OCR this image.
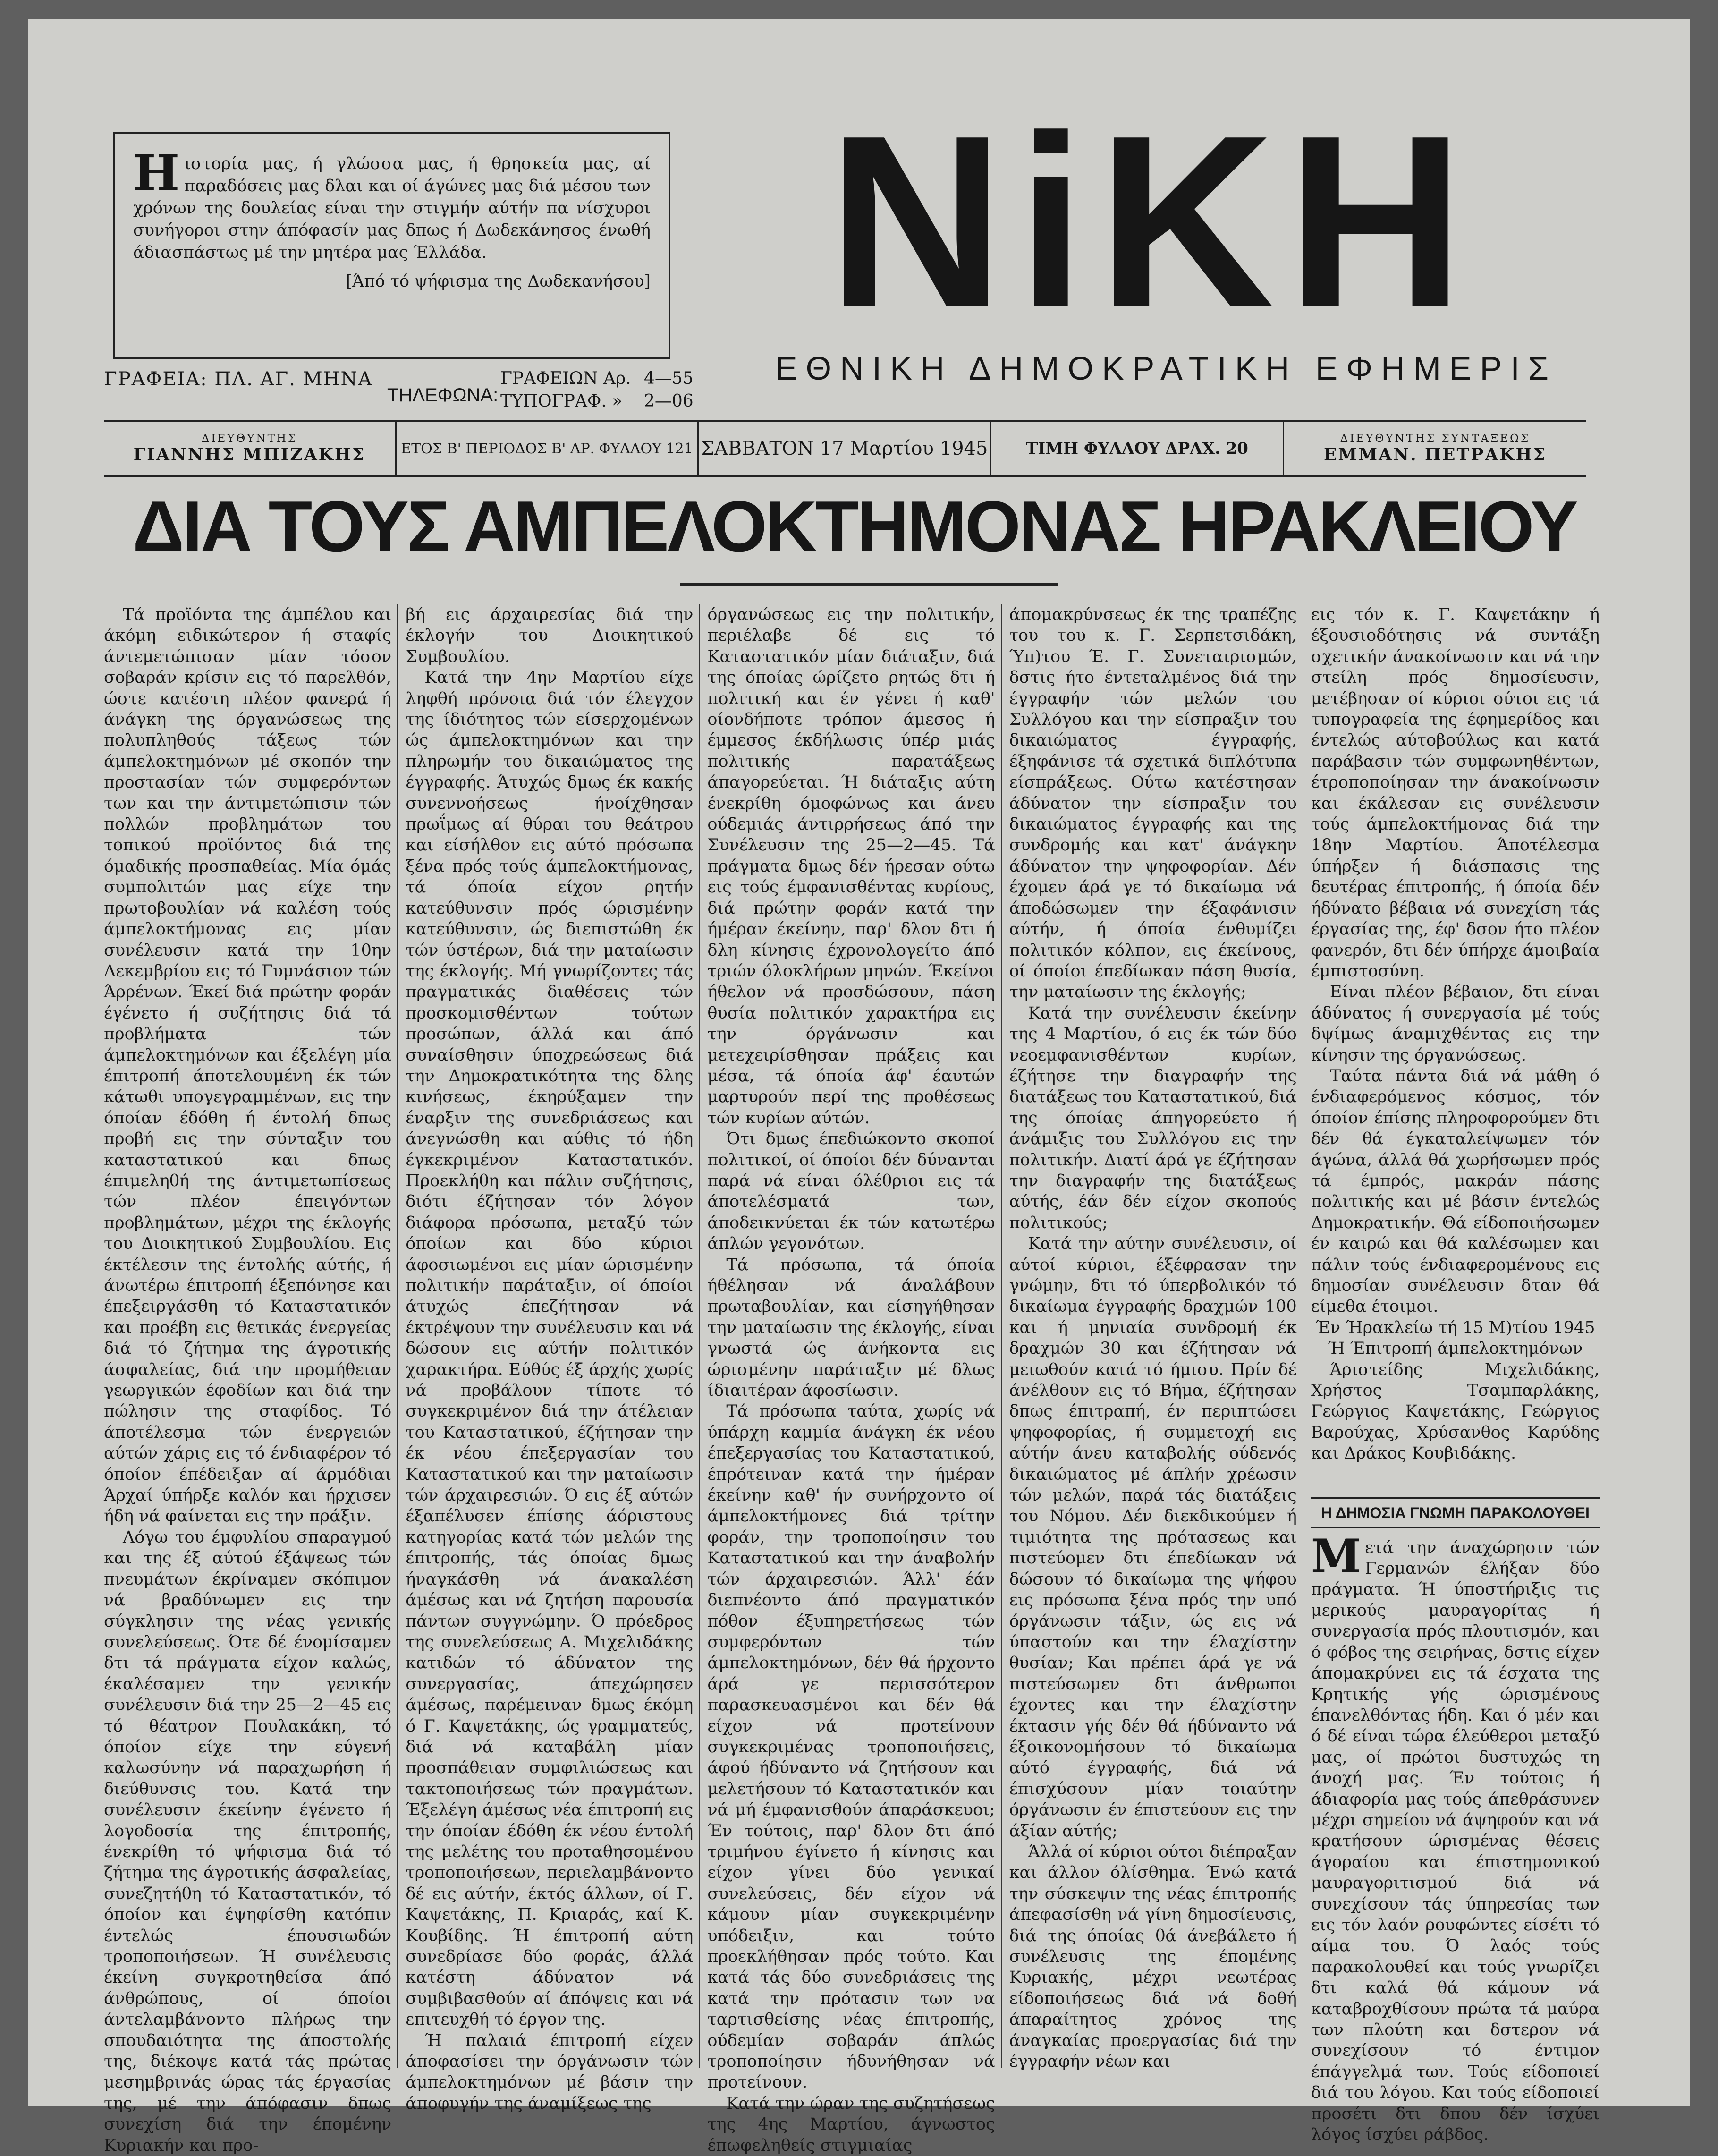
Η ιστορία μας, ή γλώσσα μας, ή θρησκεία μας, αί παραδόσεις μας δλαι και οί άγώνες μας διά μέσου των χρόνων της δουλείας είναι την στιγμήν αύτήν πα νίσχυροι συνήγοροι στην άπόφασίν μας δπως ή Δωδεκάνησος ένωθή άδιασπάστως μέ την μητέρα μας Έλλάδα.
[Άπό τό ψήφισμα της Δωδεκανήσου] NiKH
ΕΘΝΙΚΗ ΔΗΜΟΚΡΑΤΙΚΗ ΕΦΗΜΕΡΙΣ
ΓΡΑΦΕΙΑ: ΠΛ. ΑΓ. ΜΗΝΑ
ΤΗΛΕΦΩΝΑ:
ΓΡΑΦΕΙΩΝ Αρ. 4—55
ΤΥΠΟΓΡΑΦ. »	2—06
ΔΙΕΥΘΥΝΤΗΣ
ΓΙΑΝΝΗΣ ΜΠΙΖΑΚΗΣ ΕΤΟΣ Β' ΠΕΡΙΟΔΟΣ Β' ΑΡ. ΦΥΛΛΟΥ 121 ΣΑΒΒΑΤΟΝ 17 Μαρτίου 1945 ΤΙΜΗ ΦΥΛΛΟΥ ΔΡΑΧ. 20
ΔΙΕΥΘΥΝΤΗΣ ΣΥΝΤΑΞΕΩΣ
ΕΜΜΑΝ. ΠΕΤΡΑΚΗΣ
ΔΙΑ ΤΟΥΣ ΑΜΠΕΛΟΚΤΗΜΟΝΑΣ ΗΡΑΚΛΕΙΟΥ

Τά προϊόντα της άμπέλου και άκόμη ειδικώτερον ή σταφίς άντεμετώπισαν μίαν τόσον σοβαράν κρίσιν εις τό παρελθόν, ώστε κατέστη πλέον φανερά ή άνάγκη της όργανώσεως της πολυπληθούς τάξεως τών άμπελοκτημόνων μέ σκοπόν την προστασίαν τών συμφερόντων των και την άντιμετώπισιν τών πολλών προβλημάτων του τοπικού προϊόντος διά της όμαδικής προσπαθείας. Μία όμάς συμπολιτών μας είχε την πρωτοβουλίαν νά καλέση τούς άμπελοκτήμονας εις μίαν συνέλευσιν κατά την 10ην Δεκεμβρίου εις τό Γυμνάσιον τών Άρρένων. Έκεί διά πρώτην φοράν έγένετο ή συζήτησις διά τά προβλήματα τών άμπελοκτημόνων και έξελέγη μία έπιτροπή άποτελουμένη έκ τών κάτωθι υπογεγραμμένων, εις την όποίαν έδόθη ή έντολή δπως προβή εις την σύνταξιν του καταστατικού και δπως έπιμεληθή της άντιμετωπίσεως τών πλέον έπειγόντων προβλημάτων, μέχρι της έκλογής του Διοικητικού Συμβουλίου. Εις έκτέλεσιν της έντολής αύτής, ή άνωτέρω έπιτροπή έξεπόνησε και έπεξειργάσθη τό Καταστατικόν και προέβη εις θετικάς ένεργείας διά τό ζήτημα της άγροτικής άσφαλείας, διά την προμήθειαν γεωργικών έφοδίων και διά την πώλησιν της σταφίδος. Τό άποτέλεσμα τών ένεργειών αύτών χάρις εις τό ένδιαφέρον τό όποίον έπέδειξαν αί άρμόδιαι Άρχαί ύπήρξε καλόν και ήρχισεν ήδη νά φαίνεται εις την πράξιν.

Λόγω του έμφυλίου σπαραγμού και της έξ αύτού έξάψεως τών πνευμάτων έκρίναμεν σκόπιμον νά βραδύνωμεν εις την σύγκλησιν της νέας γενικής συνελεύσεως. Ότε δέ ένομίσαμεν δτι τά πράγματα είχον καλώς, έκαλέσαμεν την γενικήν συνέλευσιν διά την 25—2—45 εις τό θέατρον Πουλακάκη, τό όποίον είχε την εύγενή καλωσύνην νά παραχωρήση ή διεύθυνσις του. Κατά την συνέλευσιν έκείνην έγένετο ή λογοδοσία της έπιτροπής, ένεκρίθη τό ψήφισμα διά τό ζήτημα της άγροτικής άσφαλείας, συνεζητήθη τό Καταστατικόν, τό όποίον και έψηφίσθη κατόπιν έντελώς έπουσιωδών τροποποιήσεων. Ή συνέλευσις έκείνη συγκροτηθείσα άπό άνθρώπους, οί όποίοι άντελαμβάνοντο πλήρως την σπουδαιότητα της άποστολής της, διέκοψε κατά τάς πρώτας μεσημβρινάς ώρας τάς έργασίας της, μέ την άπόφασιν δπως συνεχίση διά την έπομένην Κυριακήν και προ-

βή εις άρχαιρεσίας διά την έκλογήν του Διοικητικού Συμβουλίου.

Κατά την 4ην Μαρτίου είχε ληφθή πρόνοια διά τόν έλεγχον της ίδιότητος τών είσερχομένων ώς άμπελοκτημόνων και την πληρωμήν του δικαιώματος της έγγραφής. Άτυχώς δμως έκ κακής συνεννοήσεως ήνοίχθησαν πρωΐμως αί θύραι του θεάτρου και είσήλθον εις αύτό πρόσωπα ξένα πρός τούς άμπελοκτήμονας, τά όποία είχον ρητήν κατεύθυνσιν πρός ώρισμένην κατεύθυνσιν, ώς διεπιστώθη έκ τών ύστέρων, διά την ματαίωσιν της έκλογής. Μή γνωρίζοντες τάς πραγματικάς διαθέσεις τών προσκομισθέντων τούτων προσώπων, άλλά και άπό συναίσθησιν ύποχρεώσεως διά την Δημοκρατικότητα της δλης κινήσεως, έκηρύξαμεν την έναρξιν της συνεδριάσεως και άνεγνώσθη και αύθις τό ήδη έγκεκριμένον Καταστατικόν. Προεκλήθη και πάλιν συζήτησις, διότι έζήτησαν τόν λόγον διάφορα πρόσωπα, μεταξύ τών όποίων και δύο κύριοι άφοσιωμένοι εις μίαν ώρισμένην πολιτικήν παράταξιν, οί όποίοι άτυχώς έπεζήτησαν νά έκτρέψουν την συνέλευσιν και νά δώσουν εις αύτήν πολιτικόν χαρακτήρα. Εύθύς έξ άρχής χωρίς νά προβάλουν τίποτε τό συγκεκριμένον διά την άτέλειαν του Καταστατικού, έζήτησαν την έκ νέου έπεξεργασίαν του Καταστατικού και την ματαίωσιν τών άρχαιρεσιών. Ό εις έξ αύτών έξαπέλυσεν έπίσης άόριστους κατηγορίας κατά τών μελών της έπιτροπής, τάς όποίας δμως ήναγκάσθη νά άνακαλέση άμέσως και νά ζητήση παρουσία πάντων συγγνώμην. Ό πρόεδρος της συνελεύσεως Α. Μιχελιδάκης κατιδών τό άδύνατον της συνεργασίας, άπεχώρησεν άμέσως, παρέμειναν δμως έκόμη ό Γ. Καψετάκης, ώς γραμματεύς, διά νά καταβάλη μίαν προσπάθειαν συμφιλιώσεως και τακτοποιήσεως τών πραγμάτων. Έξελέγη άμέσως νέα έπιτροπή εις την όποίαν έδόθη έκ νέου έντολή της μελέτης του προταθησομένου τροποποιήσεων, περιελαμβάνοντο δέ εις αύτήν, έκτός άλλων, οί Γ. Καψετάκης, Π. Κριαράς, καί Κ. Κουβίδης. Ή έπιτροπή αύτη συνεδρίασε δύο φοράς, άλλά κατέστη άδύνατον νά συμβιβασθούν αί άπόψεις και νά επιτευχθή τό έργον της.

Ή παλαιά έπιτροπή είχεν άποφασίσει την όργάνωσιν τών άμπελοκτημόνων μέ βάσιν την άποφυγήν της άναμίξεως της

όργανώσεως εις την πολιτικήν, περιέλαβε δέ εις τό Καταστατικόν μίαν διάταξιν, διά της όποίας ώρίζετο ρητώς δτι ή πολιτική και έν γένει ή καθ' οίονδήποτε τρόπον άμεσος ή έμμεσος έκδήλωσις ύπέρ μιάς πολιτικής παρατάξεως άπαγορεύεται. Ή διάταξις αύτη ένεκρίθη όμοφώνως και άνευ ούδεμιάς άντιρρήσεως άπό την Συνέλευσιν της 25—2—45. Τά πράγματα δμως δέν ήρεσαν ούτω εις τούς έμφανισθέντας κυρίους, διά πρώτην φοράν κατά την ήμέραν έκείνην, παρ' δλον δτι ή δλη κίνησις έχρονολογείτο άπό τριών όλοκλήρων μηνών. Έκείνοι ήθελον νά προσδώσουν, πάση θυσία πολιτικόν χαρακτήρα εις την όργάνωσιν και μετεχειρίσθησαν πράξεις και μέσα, τά όποία άφ' έαυτών μαρτυρούν περί της προθέσεως τών κυρίων αύτών.

Ότι δμως έπεδιώκοντο σκοποί πολιτικοί, οί όποίοι δέν δύνανται παρά νά είναι όλέθριοι εις τά άποτελέσματά των, άποδεικνύεται έκ τών κατωτέρω άπλών γεγονότων.

Τά πρόσωπα, τά όποία ήθέλησαν νά άναλάβουν πρωταβουλίαν, και είσηγήθησαν την ματαίωσιν της έκλογής, είναι γνωστά ώς άνήκοντα εις ώρισμένην παράταξιν μέ δλως ίδιαιτέραν άφοσίωσιν.

Τά πρόσωπα ταύτα, χωρίς νά ύπάρχη καμμία άνάγκη έκ νέου έπεξεργασίας του Καταστατικού, έπρότειναν κατά την ήμέραν έκείνην καθ' ήν συνήρχοντο οί άμπελοκτήμονες διά τρίτην φοράν, την τροποποίησιν του Καταστατικού και την άναβολήν τών άρχαιρεσιών. Άλλ' έάν διεπνέοντο άπό πραγματικόν πόθον έξυπηρετήσεως τών συμφερόντων τών άμπελοκτημόνων, δέν θά ήρχοντο άρά γε περισσότερον παρασκευασμένοι και δέν θά είχον νά προτείνουν συγκεκριμένας τροποποιήσεις, άφού ήδύναντο νά ζητήσουν και μελετήσουν τό Καταστατικόν και νά μή έμφανισθούν άπαράσκευοι; Έν τούτοις, παρ' δλον δτι άπό τριμήνου έγίνετο ή κίνησις και είχον γίνει δύο γενικαί συνελεύσεις, δέν είχον νά κάμουν μίαν συγκεκριμένην υπόδειξιν, και τούτο προεκλήθησαν πρός τούτο. Και κατά τάς δύο συνεδριάσεις της κατά την πρότασιν των να ταρτισθείσης νέας έπιτροπής, ούδεμίαν σοβαράν άπλώς τροποποίησιν ήδυνήθησαν νά προτείνουν.

Κατά την ώραν της συζητήσεως της 4ης Μαρτίου, άγνωστος έπωφεληθείς στιγμιαίας

άπομακρύνσεως έκ της τραπέζης του του κ. Γ. Σερπετσιδάκη, Ύπ)του Έ. Γ. Συνεταιρισμών, δστις ήτο έντεταλμένος διά την έγγραφήν τών μελών του Συλλόγου και την είσπραξιν του δικαιώματος έγγραφής, έξηφάνισε τά σχετικά διπλότυπα είσπράξεως. Ούτω κατέστησαν άδύνατον την είσπραξιν του δικαιώματος έγγραφής και της συνδρομής και κατ' άνάγκην άδύνατον την ψηφοφορίαν. Δέν έχομεν άρά γε τό δικαίωμα νά άποδώσωμεν την έξαφάνισιν αύτήν, ή όποία ένθυμίζει πολιτικόν κόλπον, εις έκείνους, οί όποίοι έπεδίωκαν πάση θυσία, την ματαίωσιν της έκλογής;

Κατά την συνέλευσιν έκείνην της 4 Μαρτίου, ό εις έκ τών δύο νεοεμφανισθέντων κυρίων, έζήτησε την διαγραφήν της διατάξεως του Καταστατικού, διά της όποίας άπηγορεύετο ή άνάμιξις του Συλλόγου εις την πολιτικήν. Διατί άρά γε έζήτησαν την διαγραφήν της διατάξεως αύτής, έάν δέν είχον σκοπούς πολιτικούς;

Κατά την αύτην συνέλευσιν, οί αύτοί κύριοι, έξέφρασαν την γνώμην, δτι τό ύπερβολικόν τό δικαίωμα έγγραφής δραχμών 100 και ή μηνιαία συνδρομή έκ δραχμών 30 και έζήτησαν νά μειωθούν κατά τό ήμισυ. Πρίν δέ άνέλθουν εις τό Βήμα, έζήτησαν δπως έπιτραπή, έν περιπτώσει ψηφοφορίας, ή συμμετοχή εις αύτήν άνευ καταβολής ούδενός δικαιώματος μέ άπλήν χρέωσιν τών μελών, παρά τάς διατάξεις του Νόμου. Δέν διεκδικούμεν ή τιμιότητα της πρότασεως και πιστεύομεν δτι έπεδίωκαν νά δώσουν τό δικαίωμα της ψήφου εις πρόσωπα ξένα πρός την υπό όργάνωσιν τάξιν, ώς εις νά ύπαστούν και την έλαχίστην θυσίαν; Και πρέπει άρά γε νά πιστεύσωμεν δτι άνθρωποι έχοντες και την έλαχίστην έκτασιν γής δέν θά ήδύναντο νά έξοικονομήσουν τό δικαίωμα αύτό έγγραφής, διά νά έπισχύσουν μίαν τοιαύτην όργάνωσιν έν έπιστεύουν εις την άξίαν αύτής;

Άλλά οί κύριοι ούτοι διέπραξαν και άλλον όλίσθημα. Ένώ κατά την σύσκεψιν της νέας έπιτροπής άπεφασίσθη νά γίνη δημοσίευσις, διά της όποίας θά άνεβάλετο ή συνέλευσις της έπομένης Κυριακής, μέχρι νεωτέρας είδοποιήσεως διά νά δοθή άπαραίτητος χρόνος της άναγκαίας προεργασίας διά την έγγραφήν νέων και

εις τόν κ. Γ. Καψετάκην ή έξουσιοδότησις νά συντάξη σχετικήν άνακοίνωσιν και νά την στείλη πρός δημοσίευσιν, μετέβησαν οί κύριοι ούτοι εις τά τυπογραφεία της έφημερίδος και έντελώς αύτοβούλως και κατά παράβασιν τών συμφωνηθέντων, έτροποποίησαν την άνακοίνωσιν και έκάλεσαν εις συνέλευσιν τούς άμπελοκτήμονας διά την 18ην Μαρτίου. Άποτέλεσμα ύπήρξεν ή διάσπασις της δευτέρας έπιτροπής, ή όποία δέν ήδύνατο βέβαια νά συνεχίση τάς έργασίας της, έφ' δσον ήτο πλέον φανερόν, δτι δέν ύπήρχε άμοιβαία έμπιστοσύνη.

Είναι πλέον βέβαιον, δτι είναι άδύνατος ή συνεργασία μέ τούς δψίμως άναμιχθέντας εις την κίνησιν της όργανώσεως.

Ταύτα πάντα διά νά μάθη ό ένδιαφερόμενος κόσμος, τόν όποίον έπίσης πληροφορούμεν δτι δέν θά έγκαταλείψωμεν τόν άγώνα, άλλά θά χωρήσωμεν πρός τά έμπρός, μακράν πάσης πολιτικής και μέ βάσιν έντελώς Δημοκρατικήν. Θά είδοποιήσωμεν έν καιρώ και θά καλέσωμεν και πάλιν τούς ένδιαφερομένους εις δημοσίαν συνέλευσιν δταν θά είμεθα έτοιμοι.

Έν Ήρακλείω τή 15 Μ)τίου 1945

Ή Έπιτροπή άμπελοκτημόνων

Άριστείδης Μιχελιδάκης, Χρήστος Τσαμπαρλάκης, Γεώργιος Καψετάκης, Γεώργιος Βαρούχας, Χρύσανθος Καρύδης και Δράκος Κουβιδάκης.

Η ΔΗΜΟΣΙΑ ΓΝΩΜΗ ΠΑΡΑΚΟΛΟΥΘΕΙ

Μετά την άναχώρησιν τών Γερμανών έλήξαν δύο πράγματα. Ή ύποστήριξις τις μερικούς μαυραγορίτας ή συνεργασία πρός πλουτισμόν, και ό φόβος της σειρήνας, δστις είχεν άπομακρύνει εις τά έσχατα της Κρητικής γής ώρισμένους έπανελθόντας ήδη. Και ό μέν και ό δέ είναι τώρα έλεύθεροι μεταξύ μας, οί πρώτοι δυστυχώς τη άνοχή μας. Έν τούτοις ή άδιαφορία μας τούς άπεθράσυνεν μέχρι σημείου νά άψηφούν και νά κρατήσουν ώρισμένας θέσεις άγοραίου και έπιστημονικού μαυραγοριτισμού διά νά συνεχίσουν τάς ύπηρεσίας των εις τόν λαόν ρουφώντες είσέτι τό αίμα του. Ό λαός τούς παρακολουθεί και τούς γνωρίζει δτι καλά θά κάμουν νά καταβροχθίσουν πρώτα τά μαύρα των πλούτη και δστερον νά συνεχίσουν τό έντιμον έπάγγελμά των. Τούς είδοποιεί διά του λόγου. Και τούς είδοποιεί προσέτι δτι δπου δέν ίσχύει λόγος ίσχύει ράβδος.
